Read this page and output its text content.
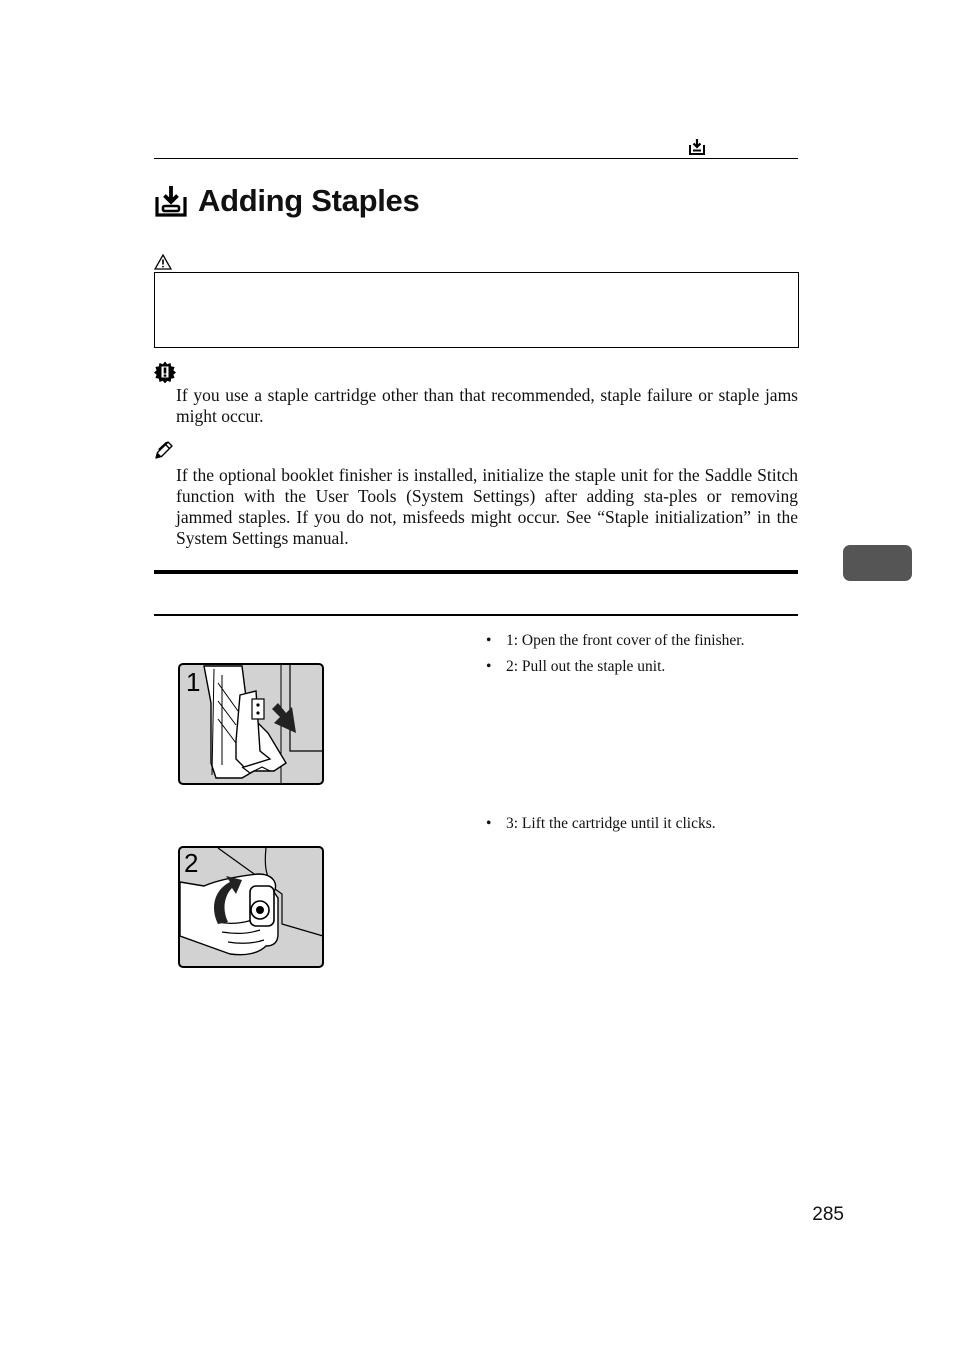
Adding Staples

If you use a staple cartridge other than that recommended, staple failure or staple jams might occur.

If the optional booklet finisher is installed, initialize the staple unit for the Saddle Stitch function with the User Tools (System Settings) after adding sta-ples or removing jammed staples. If you do not, misfeeds might occur. See “Staple initialization” in the System Settings manual.

1
• 1: Open the front cover of the finisher.
• 2: Pull out the staple unit.
2
• 3: Lift the cartridge until it clicks.
285
